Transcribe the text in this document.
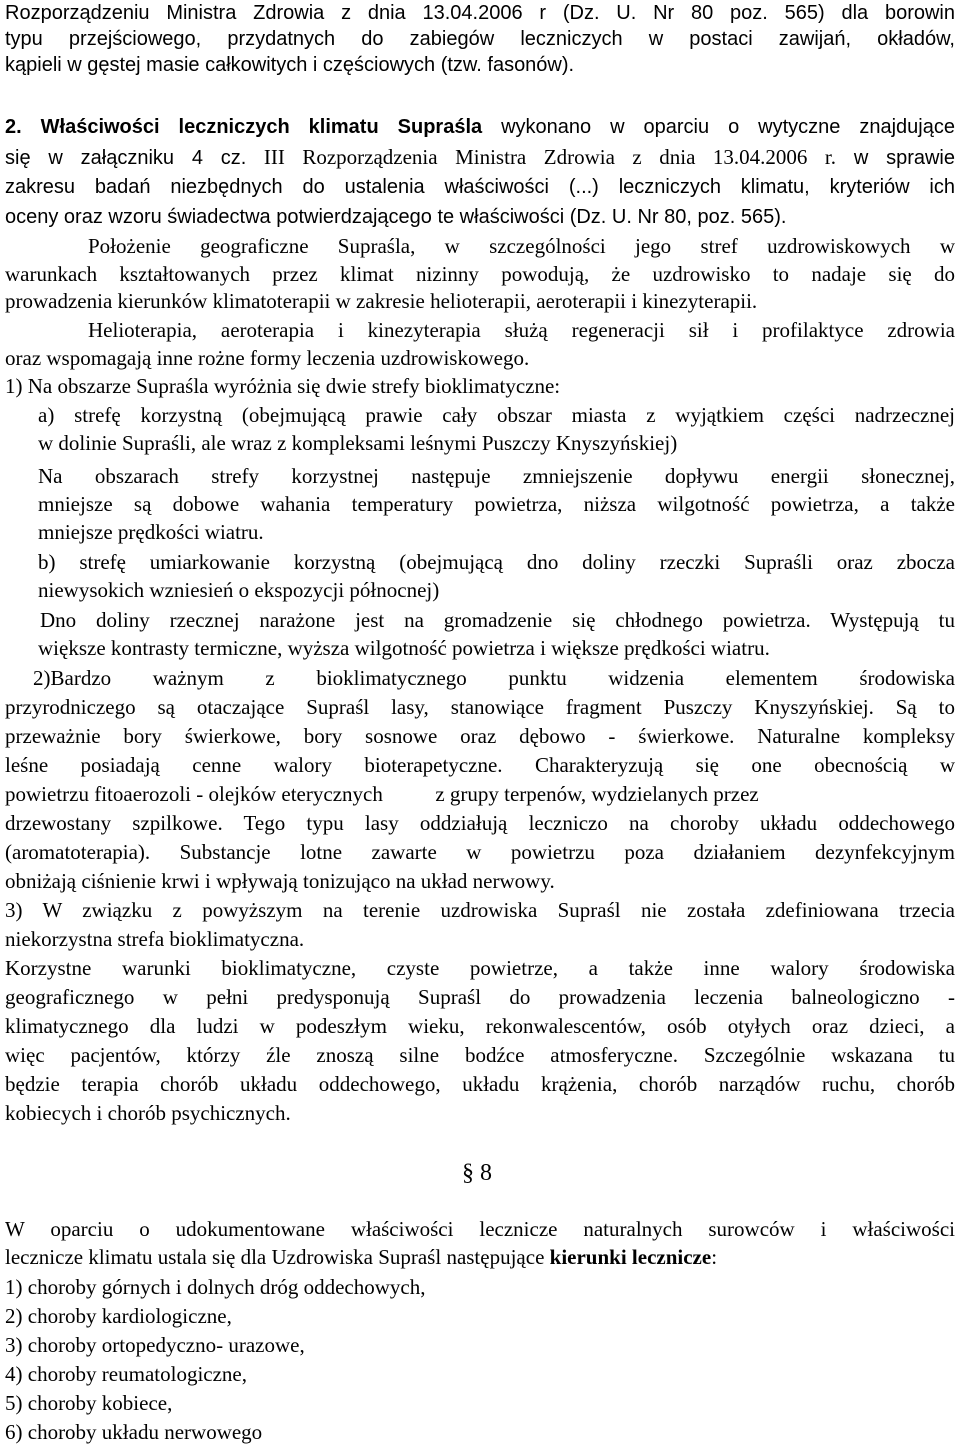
Rozporządzeniu Ministra Zdrowia z dnia 13.04.2006 r (Dz. U. Nr 80 poz. 565) dla borowin
typu przejściowego, przydatnych do zabiegów leczniczych w postaci zawijań, okładów,
kąpieli w gęstej masie całkowitych i częściowych (tzw. fasonów).
2. Właściwości leczniczych klimatu Supraśla wykonano w oparciu o wytyczne znajdujące
się w załączniku 4 cz. III Rozporządzenia Ministra Zdrowia z dnia 13.04.2006 r. w sprawie
zakresu badań niezbędnych do ustalenia właściwości (...) leczniczych klimatu, kryteriów ich
oceny oraz wzoru świadectwa potwierdzającego te właściwości (Dz. U. Nr 80, poz. 565).
Położenie geograficzne Supraśla, w szczególności jego stref uzdrowiskowych w
warunkach kształtowanych przez klimat nizinny powodują, że uzdrowisko to nadaje się do
prowadzenia kierunków klimatoterapii w zakresie helioterapii, aeroterapii i kinezyterapii.
Helioterapia, aeroterapia i kinezyterapia służą regeneracji sił i profilaktyce zdrowia
oraz wspomagają inne rożne formy leczenia uzdrowiskowego.
1) Na obszarze Supraśla wyróżnia się dwie strefy bioklimatyczne:
a) strefę korzystną (obejmującą prawie cały obszar miasta z wyjątkiem części nadrzecznej
w dolinie Supraśli, ale wraz z kompleksami leśnymi Puszczy Knyszyńskiej)
Na obszarach strefy korzystnej następuje zmniejszenie dopływu energii słonecznej,
mniejsze są dobowe wahania temperatury powietrza, niższa wilgotność powietrza, a także
mniejsze prędkości wiatru.
b) strefę umiarkowanie korzystną (obejmującą dno doliny rzeczki Supraśli oraz zbocza
niewysokich wzniesień o ekspozycji północnej)
Dno doliny rzecznej narażone jest na gromadzenie się chłodnego powietrza. Występują tu
większe kontrasty termiczne, wyższa wilgotność powietrza i większe prędkości wiatru.
2)Bardzo ważnym z bioklimatycznego punktu widzenia elementem środowiska
przyrodniczego są otaczające Supraśl lasy, stanowiące fragment Puszczy Knyszyńskiej. Są to
przeważnie bory świerkowe, bory sosnowe oraz dębowo - świerkowe. Naturalne kompleksy
leśne posiadają cenne walory bioterapetyczne. Charakteryzują się one obecnością w
powietrzu fitoaerozoli - olejków eterycznych          z grupy terpenów, wydzielanych przez
drzewostany szpilkowe. Tego typu lasy oddziałują leczniczo na choroby układu oddechowego
(aromatoterapia). Substancje lotne zawarte w powietrzu poza działaniem dezynfekcyjnym
obniżają ciśnienie krwi i wpływają tonizująco na układ nerwowy.
3) W związku z powyższym na terenie uzdrowiska Supraśl nie została zdefiniowana trzecia
niekorzystna strefa bioklimatyczna.
Korzystne warunki bioklimatyczne, czyste powietrze, a także inne walory środowiska
geograficznego w pełni predysponują Supraśl do prowadzenia leczenia balneologiczno -
klimatycznego dla ludzi w podeszłym wieku, rekonwalescentów, osób otyłych oraz dzieci, a
więc pacjentów, którzy źle znoszą silne bodźce atmosferyczne. Szczególnie wskazana tu
będzie terapia chorób układu oddechowego, układu krążenia, chorób narządów ruchu, chorób
kobiecych i chorób psychicznych.
§ 8
W oparciu o udokumentowane właściwości lecznicze naturalnych surowców i właściwości
lecznicze klimatu ustala się dla Uzdrowiska Supraśl następujące kierunki lecznicze:
1) choroby górnych i dolnych dróg oddechowych,
2) choroby kardiologiczne,
3) choroby ortopedyczno- urazowe,
4) choroby reumatologiczne,
5) choroby kobiece,
6) choroby układu nerwowego
